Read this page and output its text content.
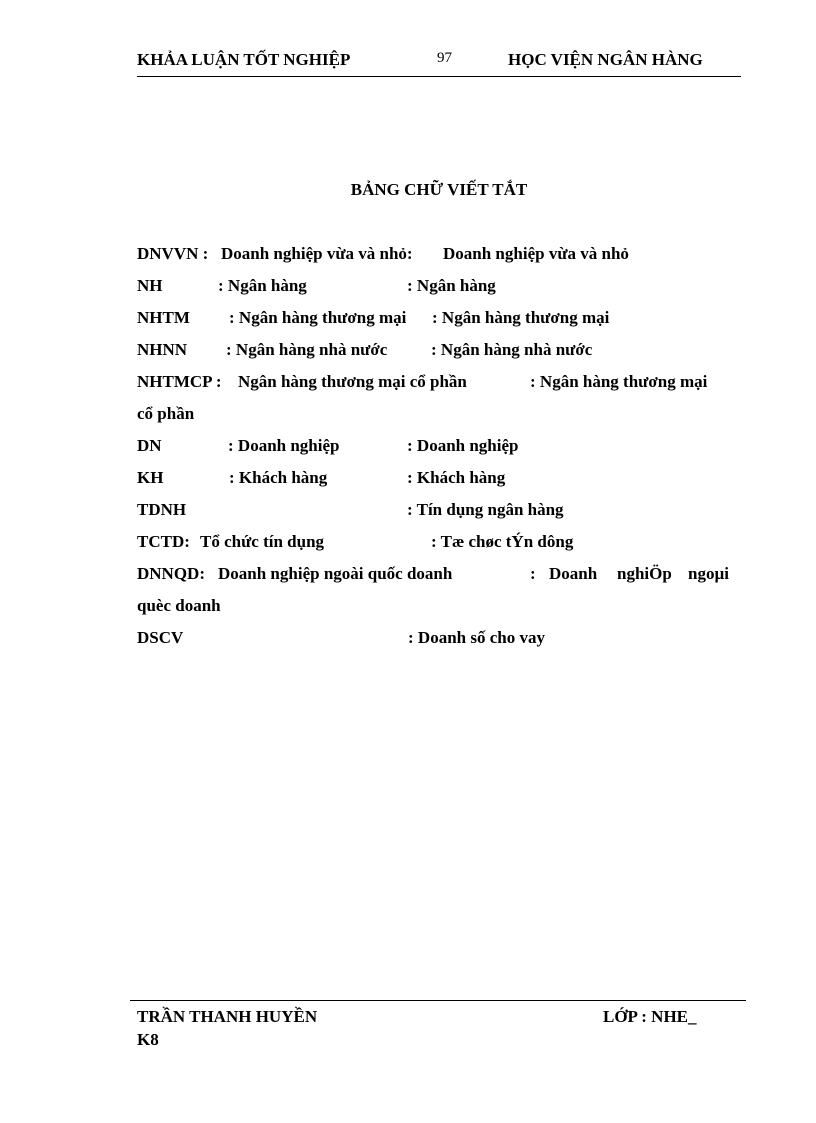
KHẢA LUẬN TỐT NGHIỆP	97	HỌC VIỆN NGÂN HÀNG
BẢNG CHỮ VIẾT TẮT
DNVVN : Doanh nghiệp vừa và nhỏ: Doanh nghiệp vừa và nhỏ
NH	: Ngân hàng	: Ngân hàng
NHTM : Ngân hàng thương mại : Ngân hàng thương mại
NHNN : Ngân hàng nhà nước	: Ngân hàng nhà nước
NHTMCP : Ngân hàng thương mại cổ phần	: Ngân hàng thương mại
cổ phần
DN	: Doanh nghiệp	: Doanh nghiệp
KH	: Khách hàng	: Khách hàng
TDNH	: Tín dụng ngân hàng
TCTD: Tổ chức tín dụng	: Tæ chøc tÝn dông
DNNQD: Doanh nghiệp ngoài quốc doanh	: Doanh nghiÖp ngoµi
quèc doanh
DSCV	: Doanh số cho vay
TRẦN THANH HUYỀN	LỚP : NHE_
K8
